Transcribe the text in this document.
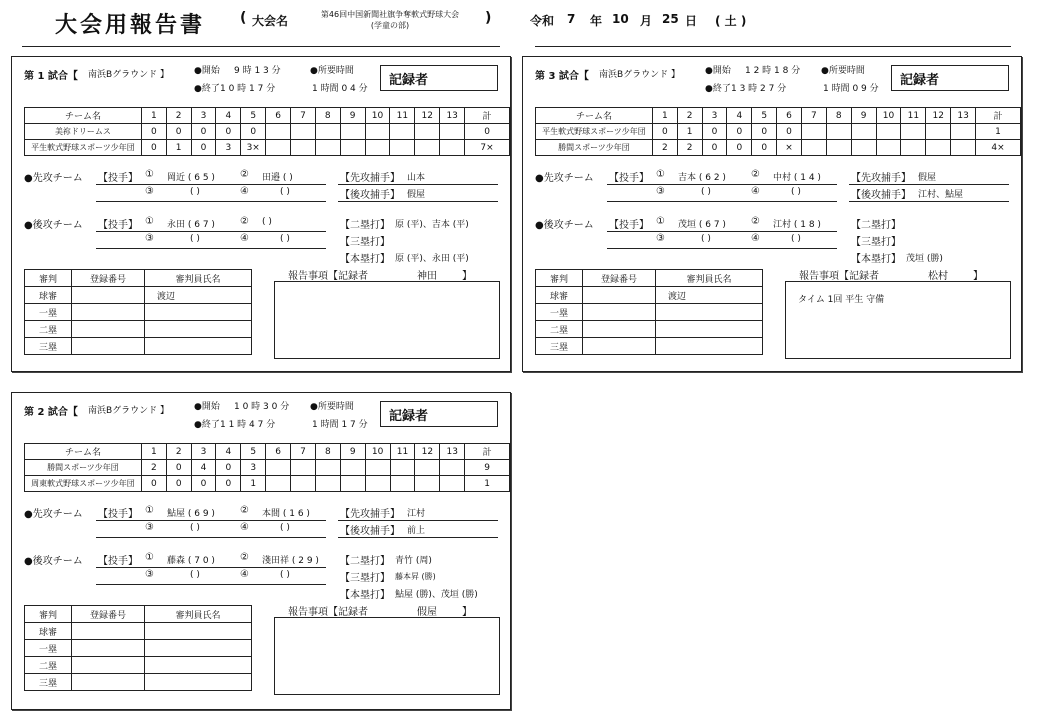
大会用報告書 ( 大会名	第46回中国新聞社旗争奪軟式野球大会
(学童の部)	)	令和 7 年 10 月 25 日 ( 土 )
第 1 試合【 南浜Bグラウンド 】	●開始 9 時 1 3 分
●終了 1 0 時 1 7 分
●所要時間
1 時間 0 4 分
記録者
チーム名	1	2	3	4	5	6	7	8	9	10	11	12	13	計
美祢ドリームス	0	0	0	0	0									0
平生軟式野球スポーツ少年団	0	1	0	3	3×									7×
●先攻チーム 【投手】 ① 岡近 ( 6 5 )	② 田邉 ( )	【先攻捕手】 山本
③	( )	④	( )	【後攻捕手】 假屋
●後攻チーム 【投手】 ① 永田 ( 6 7 )	② ( )	【二塁打】 原 (平)、吉本 (平)
③	( )	④	( )	【三塁打】
【本塁打】 原 (平)、永田 (平)
審判	登録番号	審判員氏名
球審		渡辺
一塁		
二塁		
三塁		
報告事項【記録者	神田	】
第 3 試合【 南浜Bグラウンド 】	●開始 1 2 時 1 8 分
●終了 1 3 時 2 7 分
●所要時間
1 時間 0 9 分
記録者
チーム名	1	2	3	4	5	6	7	8	9	10	11	12	13	計
平生軟式野球スポーツ少年団	0	1	0	0	0	0								1
勝間スポーツ少年団	2	2	0	0	0	×								4×
●先攻チーム 【投手】 ① 吉本 ( 6 2 )	② 中村 ( 1 4 )	【先攻捕手】 假屋
③	( )	④	( )	【後攻捕手】 江村、鮎屋
●後攻チーム 【投手】 ① 茂垣 ( 6 7 )	② 江村 ( 1 8 )	【二塁打】
③	( )	④	( )	【三塁打】
【本塁打】 茂垣 (勝)
審判	登録番号	審判員氏名
球審		渡辺
一塁		
二塁		
三塁		
報告事項【記録者	松村	】
タイム 1回 平生 守備
第 2 試合【 南浜Bグラウンド 】	●開始 1 0 時 3 0 分
●終了 1 1 時 4 7 分
●所要時間
1 時間 1 7 分
記録者
チーム名	1	2	3	4	5	6	7	8	9	10	11	12	13	計
勝間スポーツ少年団	2	0	4	0	3									9
周東軟式野球スポーツ少年団	0	0	0	0	1									1
●先攻チーム 【投手】 ① 鮎屋 ( 6 9 )	② 本間 ( 1 6 )	【先攻捕手】 江村
③	( )	④	( )	【後攻捕手】 前上
●後攻チーム 【投手】 ① 藤森 ( 7 0 )	② 淺田祥 ( 2 9 ) 【二塁打】 青竹 (周)
③	( )	④	( )	【三塁打】 藤本昇 (勝)
【本塁打】 鮎屋 (勝)、茂垣 (勝)
審判	登録番号	審判員氏名
球審		
一塁		
二塁		
三塁		
報告事項【記録者	假屋	】
